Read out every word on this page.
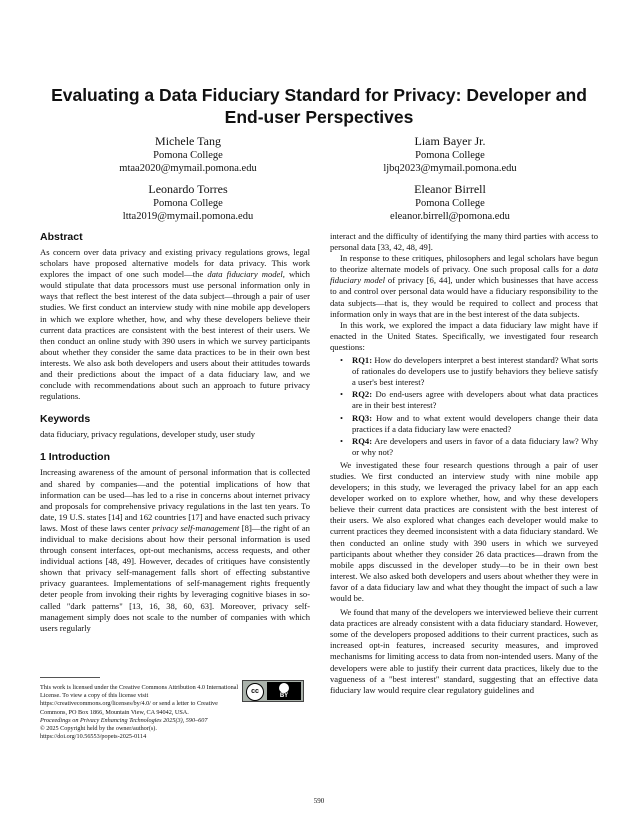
Evaluating a Data Fiduciary Standard for Privacy: Developer and End-user Perspectives
Michele Tang
Pomona College
mtaa2020@mymail.pomona.edu
Liam Bayer Jr.
Pomona College
ljbq2023@mymail.pomona.edu
Leonardo Torres
Pomona College
ltta2019@mymail.pomona.edu
Eleanor Birrell
Pomona College
eleanor.birrell@pomona.edu
Abstract

As concern over data privacy and existing privacy regulations grows, legal scholars have proposed alternative models for data privacy. This work explores the impact of one such model—the data fiduciary model, which would stipulate that data processors must use personal information only in ways that reflect the best interest of the data subject—through a pair of user studies. We first conduct an interview study with nine mobile app developers in which we explore whether, how, and why these developers believe their current data practices are consistent with the best interest of their users. We then conduct an online study with 390 users in which we survey participants about whether they consider the same data practices to be in their own best interests. We also ask both developers and users about their attitudes towards and their predictions about the impact of a data fiduciary law, and we conclude with recommendations about such an approach to future privacy regulations.

Keywords

data fiduciary, privacy regulations, developer study, user study

1 Introduction

Increasing awareness of the amount of personal information that is collected and shared by companies—and the potential implications of how that information can be used—has led to a rise in concerns about internet privacy and proposals for comprehensive privacy regulations in the last ten years. To date, 19 U.S. states [14] and 162 countries [17] and have enacted such privacy laws. Most of these laws center privacy self-management [8]—the right of an individual to make decisions about how their personal information is used through consent interfaces, opt-out mechanisms, access requests, and other individual actions [48, 49]. However, decades of critiques have consistently shown that privacy self-management falls short of effecting substantive privacy guarantees. Implementations of self-management rights frequently deter people from invoking their rights by leveraging cognitive biases in so-called "dark patterns" [13, 16, 38, 60, 63]. Moreover, privacy self-management simply does not scale to the number of companies with which users regularly

interact and the difficulty of identifying the many third parties with access to personal data [33, 42, 48, 49].

In response to these critiques, philosophers and legal scholars have begun to theorize alternate models of privacy. One such proposal calls for a data fiduciary model of privacy [6, 44], under which businesses that have access to and control over personal data would have a fiduciary responsibility to the data subjects—that is, they would be required to collect and process that information only in ways that are in the best interest of the data subjects.

In this work, we explored the impact a data fiduciary law might have if enacted in the United States. Specifically, we investigated four research questions:

• RQ1: How do developers interpret a best interest standard? What sorts of rationales do developers use to justify behaviors they believe satisfy a user's best interest?
• RQ2: Do end-users agree with developers about what data practices are in their best interest?
• RQ3: How and to what extent would developers change their data practices if a data fiduciary law were enacted?
• RQ4: Are developers and users in favor of a data fiduciary law? Why or why not?

We investigated these four research questions through a pair of user studies. We first conducted an interview study with nine mobile app developers; in this study, we leveraged the privacy label for an app each developer worked on to explore whether, how, and why these developers believe their current data practices are consistent with the best interest of their users. We also explored what changes each developer would make to current practices they deemed inconsistent with a data fiduciary standard. We then conducted an online study with 390 users in which we surveyed participants about whether they consider 26 data practices—drawn from the mobile apps discussed in the developer study—to be in their own best interest. We also asked both developers and users about whether they were in favor of a data fiduciary law and what they thought the impact of such a law would be.

We found that many of the developers we interviewed believe their current data practices are already consistent with a data fiduciary standard. However, some of the developers proposed additions to their current practices, such as increased opt-in features, increased security measures, and improved mechanisms for limiting access to data from non-intended users. Many of the developers were able to justify their current data practices, likely due to the vagueness of a "best interest" standard, suggesting that an effective data fiduciary law would require clear regulatory guidelines and

This work is licensed under the Creative Commons Attribution 4.0 International License. To view a copy of this license visit https://creativecommons.org/licenses/by/4.0/ or send a letter to Creative Commons, PO Box 1866, Mountain View, CA 94042, USA.
Proceedings on Privacy Enhancing Technologies 2025(3), 590–607
© 2025 Copyright held by the owner/author(s).
https://doi.org/10.56553/popets-2025-0114
cc
BY
590
